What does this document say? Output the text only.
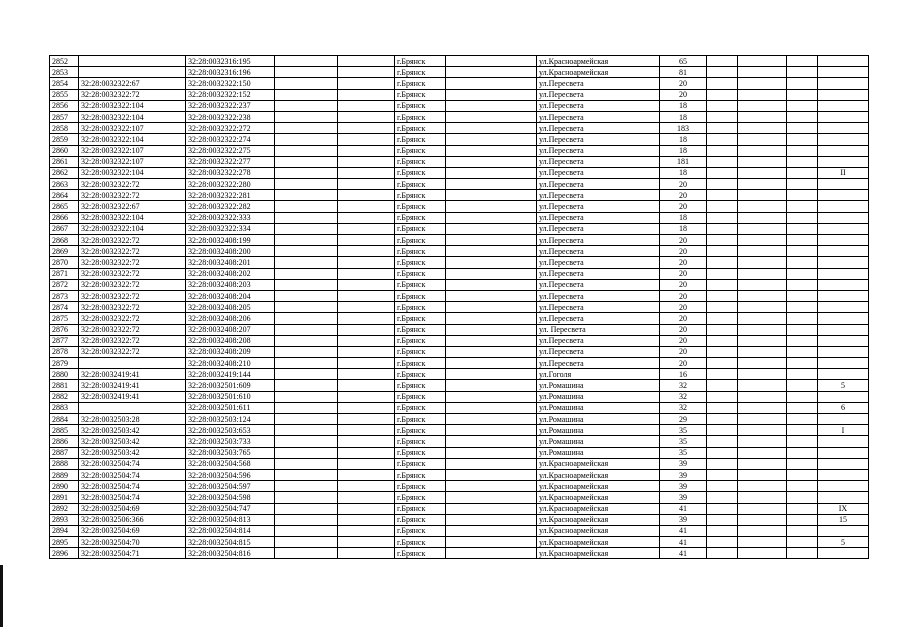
2852		32:28:0032316:195			г.Брянск		ул.Красноармейская	65				
2853		32:28:0032316:196			г.Брянск		ул.Красноармейская	81				
2854	32:28:0032322:67	32:28:0032322:150			г.Брянск		ул.Пересвета	20				
2855	32:28:0032322:72	32:28:0032322:152			г.Брянск		ул.Пересвета	20				
2856	32:28:0032322:104	32:28:0032322:237			г.Брянск		ул.Пересвета	18				
2857	32:28:0032322:104	32:28:0032322:238			г.Брянск		ул.Пересвета	18				
2858	32:28:0032322:107	32:28:0032322:272			г.Брянск		ул.Пересвета	183				
2859	32:28:0032322:104	32:28:0032322:274			г.Брянск		ул.Пересвета	18				
2860	32:28:0032322:107	32:28:0032322:275			г.Брянск		ул.Пересвета	18				
2861	32:28:0032322:107	32:28:0032322:277			г.Брянск		ул.Пересвета	181				
2862	32:28:0032322:104	32:28:0032322:278			г.Брянск		ул.Пересвета	18				II
2863	32:28:0032322:72	32:28:0032322:280			г.Брянск		ул.Пересвета	20				
2864	32:28:0032322:72	32:28:0032322:281			г.Брянск		ул.Пересвета	20				
2865	32:28:0032322:67	32:28:0032322:282			г.Брянск		ул.Пересвета	20				
2866	32:28:0032322:104	32:28:0032322:333			г.Брянск		ул.Пересвета	18				
2867	32:28:0032322:104	32:28:0032322:334			г.Брянск		ул.Пересвета	18				
2868	32:28:0032322:72	32:28:0032408:199			г.Брянск		ул.Пересвета	20				
2869	32:28:0032322:72	32:28:0032408:200			г.Брянск		ул.Пересвета	20				
2870	32:28:0032322:72	32:28:0032408:201			г.Брянск		ул.Пересвета	20				
2871	32:28:0032322:72	32:28:0032408:202			г.Брянск		ул.Пересвета	20				
2872	32:28:0032322:72	32:28:0032408:203			г.Брянск		ул.Пересвета	20				
2873	32:28:0032322:72	32:28:0032408:204			г.Брянск		ул.Пересвета	20				
2874	32:28:0032322:72	32:28:0032408:205			г.Брянск		ул.Пересвета	20				
2875	32:28:0032322:72	32:28:0032408:206			г.Брянск		ул.Пересвета	20				
2876	32:28:0032322:72	32:28:0032408:207			г.Брянск		ул. Пересвета	20				
2877	32:28:0032322:72	32:28:0032408:208			г.Брянск		ул.Пересвета	20				
2878	32:28:0032322:72	32:28:0032408:209			г.Брянск		ул.Пересвета	20				
2879		32:28:0032408:210			г.Брянск		ул.Пересвета	20				
2880	32:28:0032419:41	32:28:0032419:144			г.Брянск		ул.Гоголя	16				
2881	32:28:0032419:41	32:28:0032501:609			г.Брянск		ул.Ромашина	32				5
2882	32:28:0032419:41	32:28:0032501:610			г.Брянск		ул.Ромашина	32				
2883		32:28:0032501:611			г.Брянск		ул.Ромашина	32				6
2884	32:28:0032503:28	32:28:0032503:124			г.Брянск		ул.Ромашина	29				
2885	32:28:0032503:42	32:28:0032503:653			г.Брянск		ул.Ромашина	35				I
2886	32:28:0032503:42	32:28:0032503:733			г.Брянск		ул.Ромашина	35				
2887	32:28:0032503:42	32:28:0032503:765			г.Брянск		ул.Ромашина	35				
2888	32:28:0032504:74	32:28:0032504:568			г.Брянск		ул.Красноармейская	39				
2889	32:28:0032504:74	32:28:0032504:596			г.Брянск		ул.Красноармейская	39				
2890	32:28:0032504:74	32:28:0032504:597			г.Брянск		ул.Красноармейская	39				
2891	32:28:0032504:74	32:28:0032504:598			г.Брянск		ул.Красноармейская	39				
2892	32:28:0032504:69	32:28:0032504:747			г.Брянск		ул.Красноармейская	41				IX
2893	32:28:0032506:366	32:28:0032504:813			г.Брянск		ул.Красноармейская	39				15
2894	32:28:0032504:69	32:28:0032504:814			г.Брянск		ул.Красноармейская	41				
2895	32:28:0032504:70	32:28:0032504:815			г.Брянск		ул.Красноармейская	41				5
2896	32:28:0032504:71	32:28:0032504:816			г.Брянск		ул.Красноармейская	41				
